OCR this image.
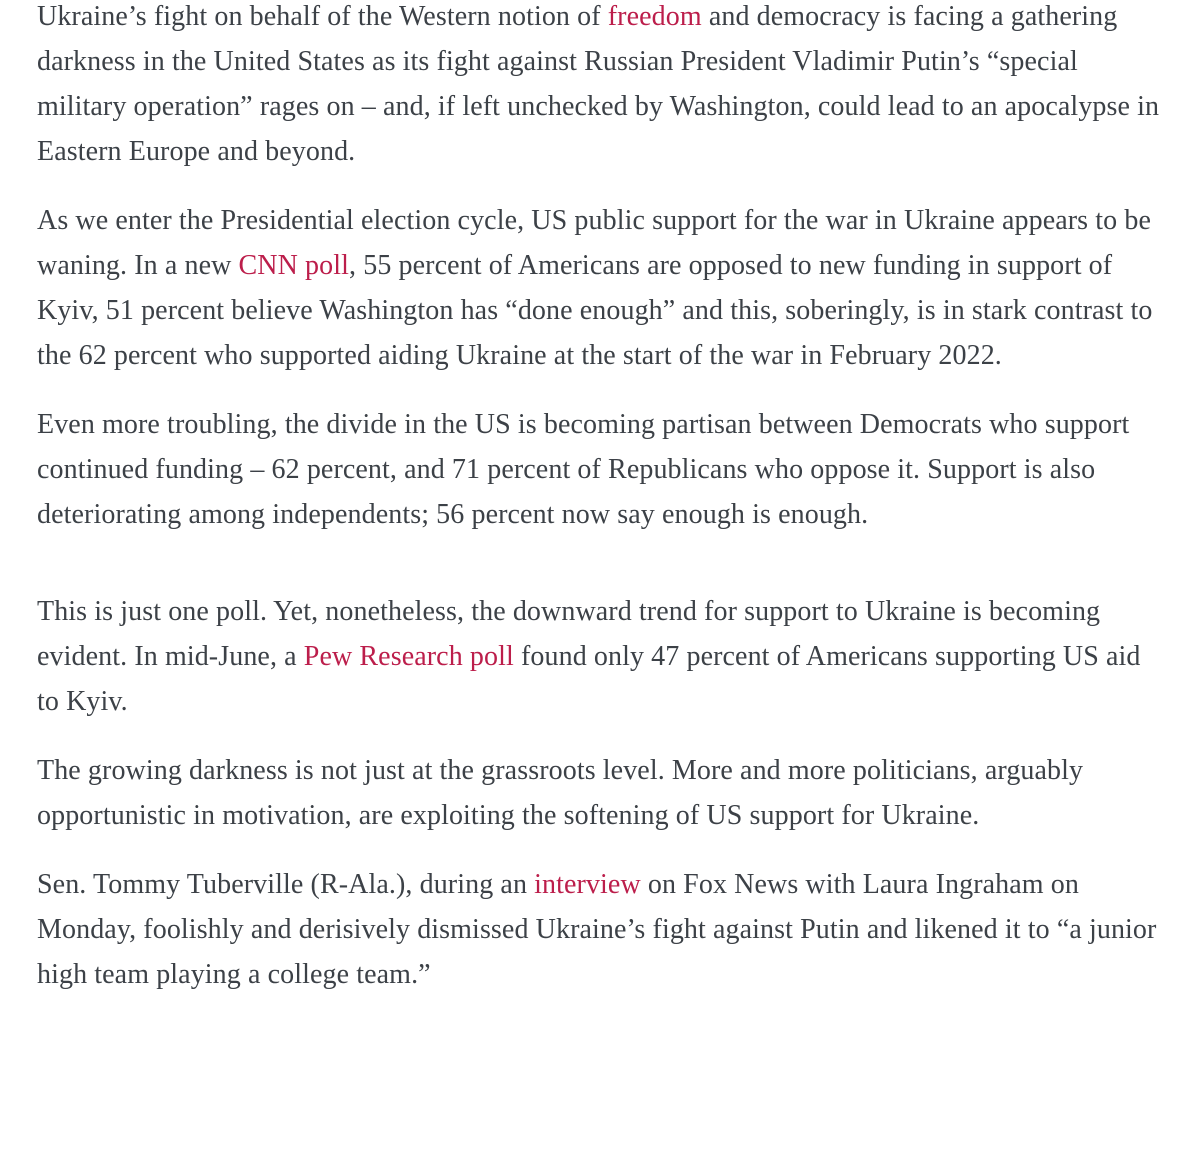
Ukraine’s fight on behalf of the Western notion of freedom and democracy is facing a gathering darkness in the United States as its fight against Russian President Vladimir Putin’s “special military operation” rages on – and, if left unchecked by Washington, could lead to an apocalypse in Eastern Europe and beyond.

As we enter the Presidential election cycle, US public support for the war in Ukraine appears to be waning. In a new CNN poll, 55 percent of Americans are opposed to new funding in support of Kyiv, 51 percent believe Washington has “done enough” and this, soberingly, is in stark contrast to the 62 percent who supported aiding Ukraine at the start of the war in February 2022.

Even more troubling, the divide in the US is becoming partisan between Democrats who support continued funding – 62 percent, and 71 percent of Republicans who oppose it. Support is also deteriorating among independents; 56 percent now say enough is enough.

This is just one poll. Yet, nonetheless, the downward trend for support to Ukraine is becoming evident. In mid-June, a Pew Research poll found only 47 percent of Americans supporting US aid to Kyiv.

The growing darkness is not just at the grassroots level. More and more politicians, arguably opportunistic in motivation, are exploiting the softening of US support for Ukraine.

Sen. Tommy Tuberville (R-Ala.), during an interview on Fox News with Laura Ingraham on Monday, foolishly and derisively dismissed Ukraine’s fight against Putin and likened it to “a junior high team playing a college team.”
